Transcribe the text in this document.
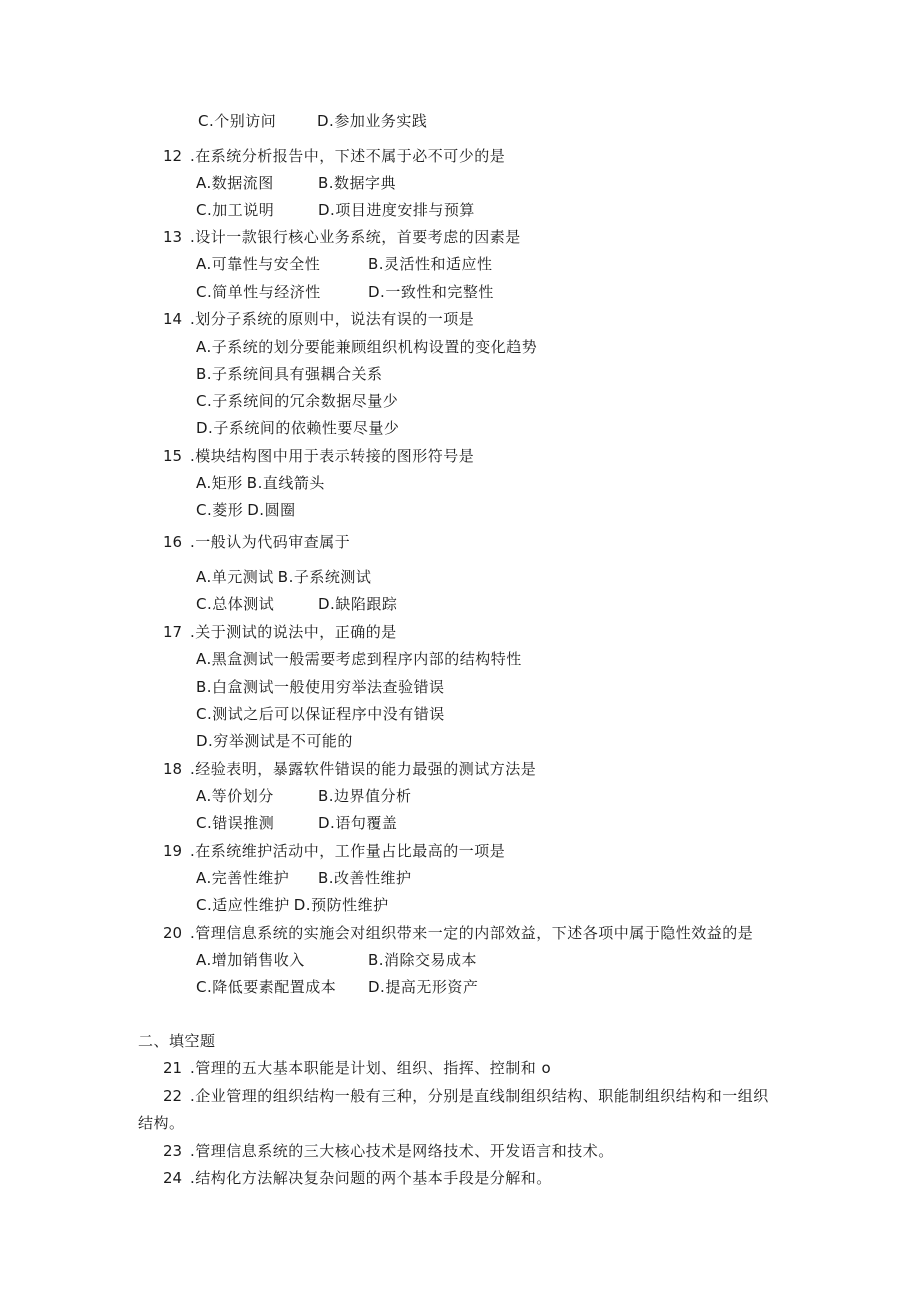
C.个别访问	D.参加业务实践
12 .在系统分析报告中，下述不属于必不可少的是
A.数据流图	B.数据字典
C.加工说明	D.项目进度安排与预算
13 .设计一款银行核心业务系统，首要考虑的因素是
A.可靠性与安全性	B.灵活性和适应性
C.简单性与经济性	D.一致性和完整性
14 .划分子系统的原则中，说法有误的一项是
A.子系统的划分要能兼顾组织机构设置的变化趋势
B.子系统间具有强耦合关系
C.子系统间的冗余数据尽量少
D.子系统间的依赖性要尽量少
15 .模块结构图中用于表示转接的图形符号是
A.矩形 B.直线箭头
C.菱形 D.圆圈
16 .一般认为代码审查属于
A.单元测试 B.子系统测试
C.总体测试	D.缺陷跟踪
17 .关于测试的说法中，正确的是
A.黑盒测试一般需要考虑到程序内部的结构特性
B.白盒测试一般使用穷举法查验错误
C.测试之后可以保证程序中没有错误
D.穷举测试是不可能的
18 .经验表明，暴露软件错误的能力最强的测试方法是
A.等价划分	B.边界值分析
C.错误推测	D.语句覆盖
19 .在系统维护活动中，工作量占比最高的一项是
A.完善性维护 B.改善性维护
C.适应性维护 D.预防性维护
20 .管理信息系统的实施会对组织带来一定的内部效益，下述各项中属于隐性效益的是
A.增加销售收入	B.消除交易成本
C.降低要素配置成本 D.提高无形资产
二、填空题
21 .管理的五大基本职能是计划、组织、指挥、控制和 o
22 .企业管理的组织结构一般有三种，分别是直线制组织结构、职能制组织结构和一组织
结构。
23 .管理信息系统的三大核心技术是网络技术、开发语言和技术。
24 .结构化方法解决复杂问题的两个基本手段是分解和。
